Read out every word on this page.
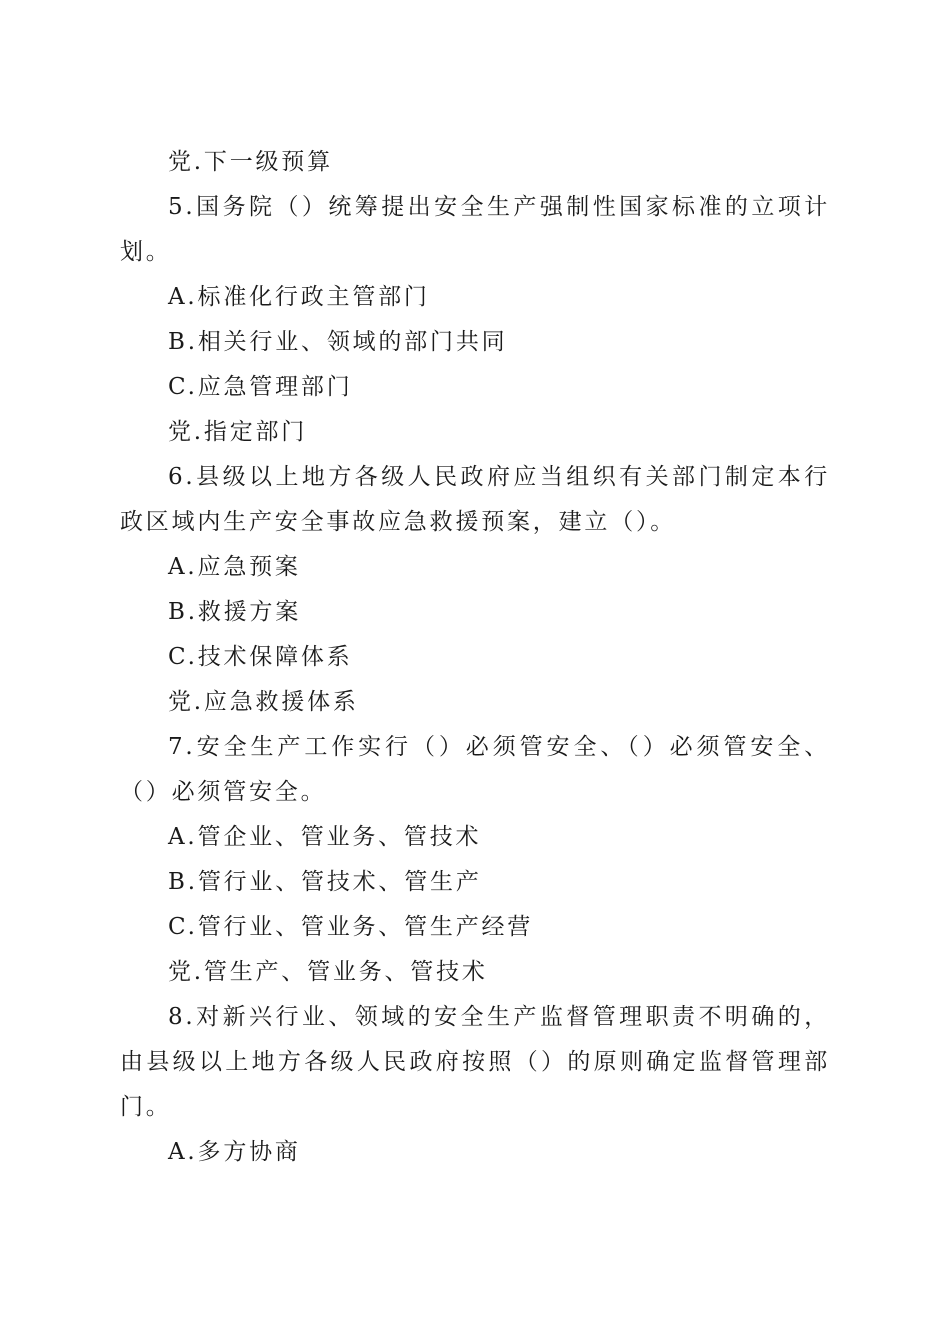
党.下一级预算
5.国务院（）统筹提出安全生产强制性国家标准的立项计
划。
A.标准化行政主管部门
B.相关行业、领域的部门共同
C.应急管理部门
党.指定部门
6.县级以上地方各级人民政府应当组织有关部门制定本行
政区域内生产安全事故应急救援预案，建立（）。
A.应急预案
B.救援方案
C.技术保障体系
党.应急救援体系
7.安全生产工作实行（）必须管安全、（）必须管安全、
（）必须管安全。
A.管企业、管业务、管技术
B.管行业、管技术、管生产
C.管行业、管业务、管生产经营
党.管生产、管业务、管技术
8.对新兴行业、领域的安全生产监督管理职责不明确的，
由县级以上地方各级人民政府按照（）的原则确定监督管理部
门。
A.多方协商
